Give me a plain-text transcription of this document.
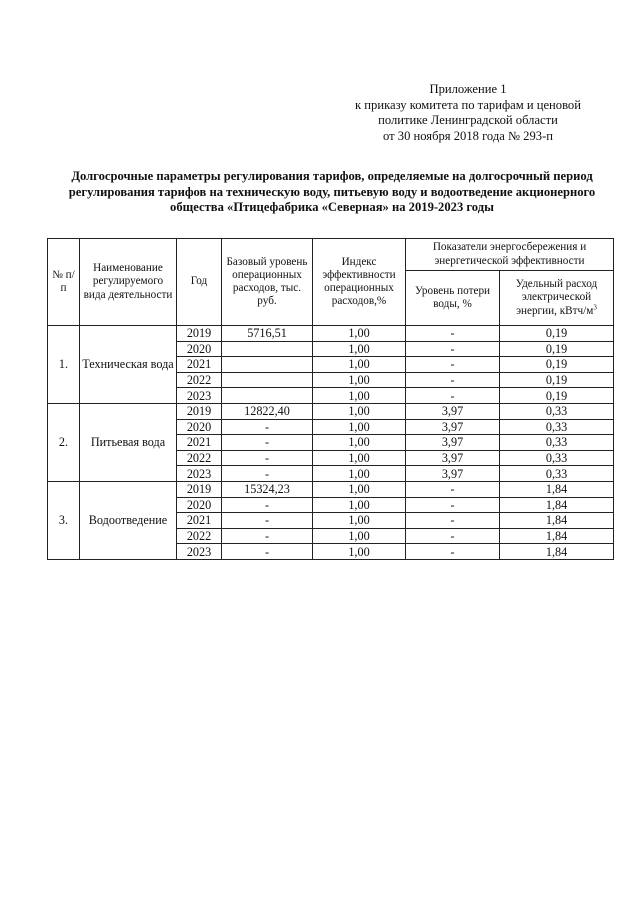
Приложение 1
к приказу комитета по тарифам и ценовой
политике Ленинградской области
от 30 ноября 2018 года № 293-п
Долгосрочные параметры регулирования тарифов, определяемые на долгосрочный период
регулирования тарифов на техническую воду, питьевую воду и водоотведение акционерного
общества «Птицефабрика «Северная» на 2019-2023 годы
№ п/п	Наименование регулируемого вида деятельности	Год	Базовый уровень операционных расходов, тыс. руб.	Индекс эффективности операционных расходов,%	Показатели энергосбережения и энергетической эффективности	
					Уровень потери воды, %	Удельный расход электрической энергии, кВтч/$м^3$
1.	Техническая вода	2019	5716,51	1,00	-	0,19
		2020		1,00	-	0,19
		2021		1,00	-	0,19
		2022		1,00	-	0,19
		2023		1,00	-	0,19
2.	Питьевая вода	2019	12822,40	1,00	3,97	0,33
		2020	-	1,00	3,97	0,33
		2021	-	1,00	3,97	0,33
		2022	-	1,00	3,97	0,33
		2023	-	1,00	3,97	0,33
3.	Водоотведение	2019	15324,23	1,00	-	1,84
		2020	-	1,00	-	1,84
		2021	-	1,00	-	1,84
		2022	-	1,00	-	1,84
		2023	-	1,00	-	1,84
